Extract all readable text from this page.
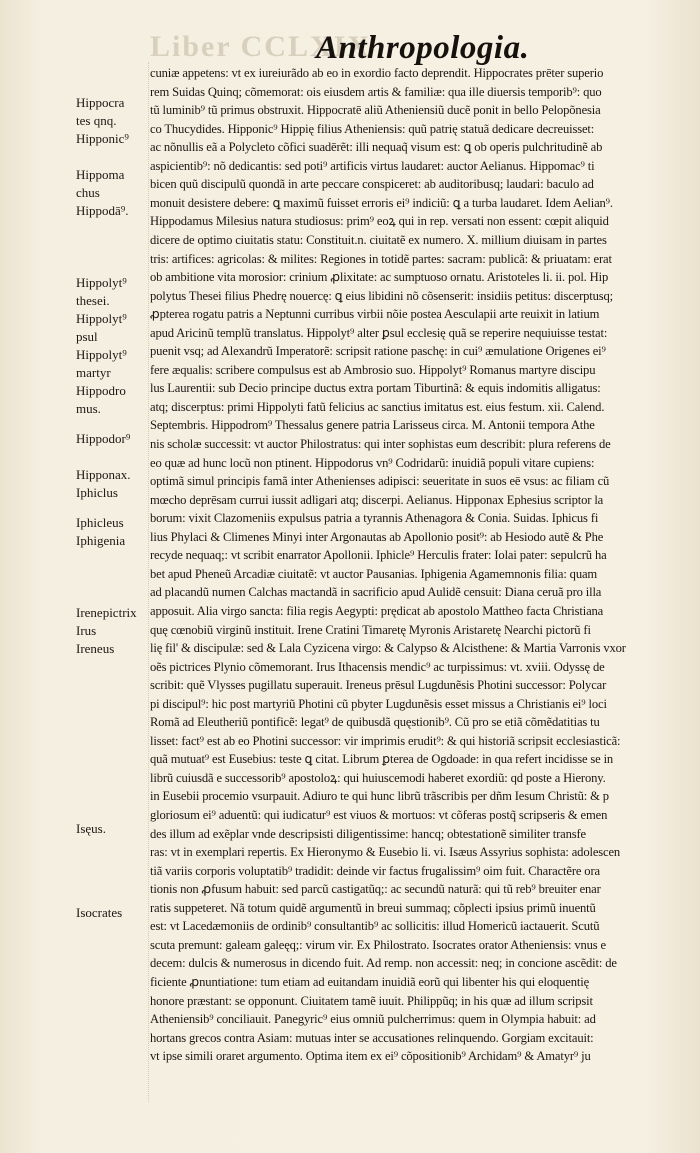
Liber CCLXIX
Anthropologia.
Hippocra
tes qnq.
Hipponic⁹
Hippoma
chus
Hippodā⁹.
Hippolyt⁹
thesei.
Hippolyt⁹
psul
Hippolyt⁹
martyr
Hippodro
mus.
Hippodor⁹
Hipponax.
Iphiclus
Iphicleus
Iphigenia
Irenepictrix
Irus
Ireneus
Isęus.
Isocrates
cuniæ appetens: vt ex iureiurãdo ab eo in exordio facto deprendit. Hippocrates prēter superio
rem Suidas Quinq; cõmemorat: ois eiusdem artis & familiæ: qua ille diuersis temporib⁹: quo
tũ luminib⁹ tũ primus obstruxit. Hippocratē aliũ Atheniensiũ ducẽ ponit in bello Pelopõnesia
co Thucydides. Hipponic⁹ Hippię filius Atheniensis: quũ patrię statuã dedicare decreuisset:
ac nõnullis eã a Polycleto cõfici suadērẽt: illi nequaq̃ visum est: ꝗ ob operis pulchritudinẽ ab
aspicientib⁹: nõ dedicantis: sed poti⁹ artificis virtus laudaret: auctor Aelianus. Hippomac⁹ ti
bicen quũ discipulũ quondã in arte peccare conspiceret: ab auditoribusq; laudari: baculo ad
monuit desistere debere: ꝗ maximũ fuisset erroris ei⁹ indiciũ: ꝗ a turba laudaret. Idem Aelian⁹.
Hippodamus Milesius natura studiosus: prim⁹ eoꝝ qui in rep. versati non essent: cœpit aliquid
dicere de optimo ciuitatis statu: Constituit.n. ciuitatẽ ex numero. X. millium diuisam in partes
tris: artifices: agricolas: & milites: Regiones in totidẽ partes: sacram: publicã: & priuatam: erat
ob ambitione vita morosior: crinium ꝓlixitate: ac sumptuoso ornatu. Aristoteles li. ii. pol. Hip
polytus Thesei filius Phedrę nouercę: ꝗ eius libidini nõ cõsenserit: insidiis petitus: discerptusq;
ꝓpterea rogatu patris a Neptunni curribus virbii nõie postea Aesculapii arte reuixit in latium
apud Aricinũ templũ translatus. Hippolyt⁹ alter ꝑsul ecclesię quã se reperire nequiuisse testat:
puenit vsq; ad Alexandrũ Imperatorẽ: scripsit ratione paschę: in cui⁹ æmulatione Origenes ei⁹
fere æqualis: scribere compulsus est ab Ambrosio suo. Hippolyt⁹ Romanus martyre discipu
lus Laurentii: sub Decio principe ductus extra portam Tiburtinã: & equis indomitis alligatus:
atq; discerptus: primi Hippolyti fatũ felicius ac sanctius imitatus est. eius festum. xii. Calend.
Septembris. Hippodrom⁹ Thessalus genere patria Larisseus circa. M. Antonii tempora Athe
nis scholæ successit: vt auctor Philostratus: qui inter sophistas eum describit: plura referens de
eo quæ ad hunc locũ non ptinent. Hippodorus vn⁹ Codridarũ: inuidiã populi vitare cupiens:
optimã simul principis famã inter Athenienses adipisci: seueritate in suos eē vsus: ac filiam cũ
mœcho deprēsam currui iussit adligari atq; discerpi. Aelianus. Hipponax Ephesius scriptor la
borum: vixit Clazomeniis expulsus patria a tyrannis Athenagora & Conia. Suidas. Iphicus fi
lius Phylaci & Climenes Minyi inter Argonautas ab Apollonio posit⁹: ab Hesiodo autẽ & Phe
recyde nequaq;: vt scribit enarrator Apollonii. Iphicle⁹ Herculis frater: Iolai pater: sepulcrũ ha
bet apud Pheneũ Arcadiæ ciuitatẽ: vt auctor Pausanias. Iphigenia Agamemnonis filia: quam
ad placandũ numen Calchas mactandã in sacrificio apud Aulidẽ censuit: Diana ceruã pro illa
apposuit. Alia virgo sancta: filia regis Aegypti: prędicat ab apostolo Mattheo facta Christiana
quę cœnobiũ virginũ instituit. Irene Cratini Timaretę Myronis Aristaretę Nearchi pictorũ fi
lię fil' & discipulæ: sed & Lala Cyzicena virgo: & Calypso & Alcisthene: & Martia Varronis vxor
oẽs pictrices Plynio cõmemorant. Irus Ithacensis mendic⁹ ac turpissimus: vt. xviii. Odyssę de
scribit: quẽ Vlysses pugillatu superauit. Ireneus prēsul Lugdunẽsis Photini successor: Polycar
pi discipul⁹: hic post martyriũ Photini cũ pbyter Lugdunẽsis esset missus a Christianis ei⁹ loci
Romã ad Eleutheriũ pontificẽ: legat⁹ de quibusdã quęstionib⁹. Cũ pro se etiã cõmẽdatitias tu
lisset: fact⁹ est ab eo Photini successor: vir imprimis erudit⁹: & qui historiã scripsit ecclesiasticã:
quã mutuat⁹ est Eusebius: teste ꝗ citat. Librum ꝑterea de Ogdoade: in qua refert incidisse se in
librũ cuiusdã e successorib⁹ apostoloꝝ: qui huiuscemodi haberet exordiũ: qd poste a Hierony.
in Eusebii procemio vsurpauit. Adiuro te qui hunc librũ trãscribis per dñm Iesum Christũ: & p
gloriosum ei⁹ aduentũ: qui iudicatur⁹ est viuos & mortuos: vt cõferas postq̃ scripseris & emen
des illum ad exẽplar vnde descripsisti diligentissime: hancq; obtestationẽ similiter transfe
ras: vt in exemplari repertis. Ex Hieronymo & Eusebio li. vi. Isæus Assyrius sophista: adolescen
tiã variis corporis voluptatib⁹ tradidit: deinde vir factus frugalissim⁹ oim fuit. Charactẽre ora
tionis non ꝓfusum habuit: sed parcũ castigatũq;: ac secundũ naturã: qui tũ reb⁹ breuiter enar
ratis suppeteret. Nã totum quidẽ argumentũ in breui summaq; cõplecti ipsius primũ inuentũ
est: vt Lacedæmoniis de ordinib⁹ consultantib⁹ ac sollicitis: illud Homericũ iactauerit. Scutũ
scuta premunt: galeam galeęq;: virum vir. Ex Philostrato. Isocrates orator Atheniensis: vnus e
decem: dulcis & numerosus in dicendo fuit. Ad remp. non accessit: neq; in concione ascẽdit: de
ficiente ꝓnuntiatione: tum etiam ad euitandam inuidiã eorũ qui libenter his qui eloquentię
honore præstant: se opponunt. Ciuitatem tamẽ iuuit. Philippũq; in his quæ ad illum scripsit
Atheniensib⁹ conciliauit. Panegyric⁹ eius omniũ pulcherrimus: quem in Olympia habuit: ad
hortans grecos contra Asiam: mutuas inter se accusationes relinquendo. Gorgiam excitauit:
vt ipse simili oraret argumento. Optima item ex ei⁹ cõpositionib⁹ Archidam⁹ & Amatyr⁹ ju
